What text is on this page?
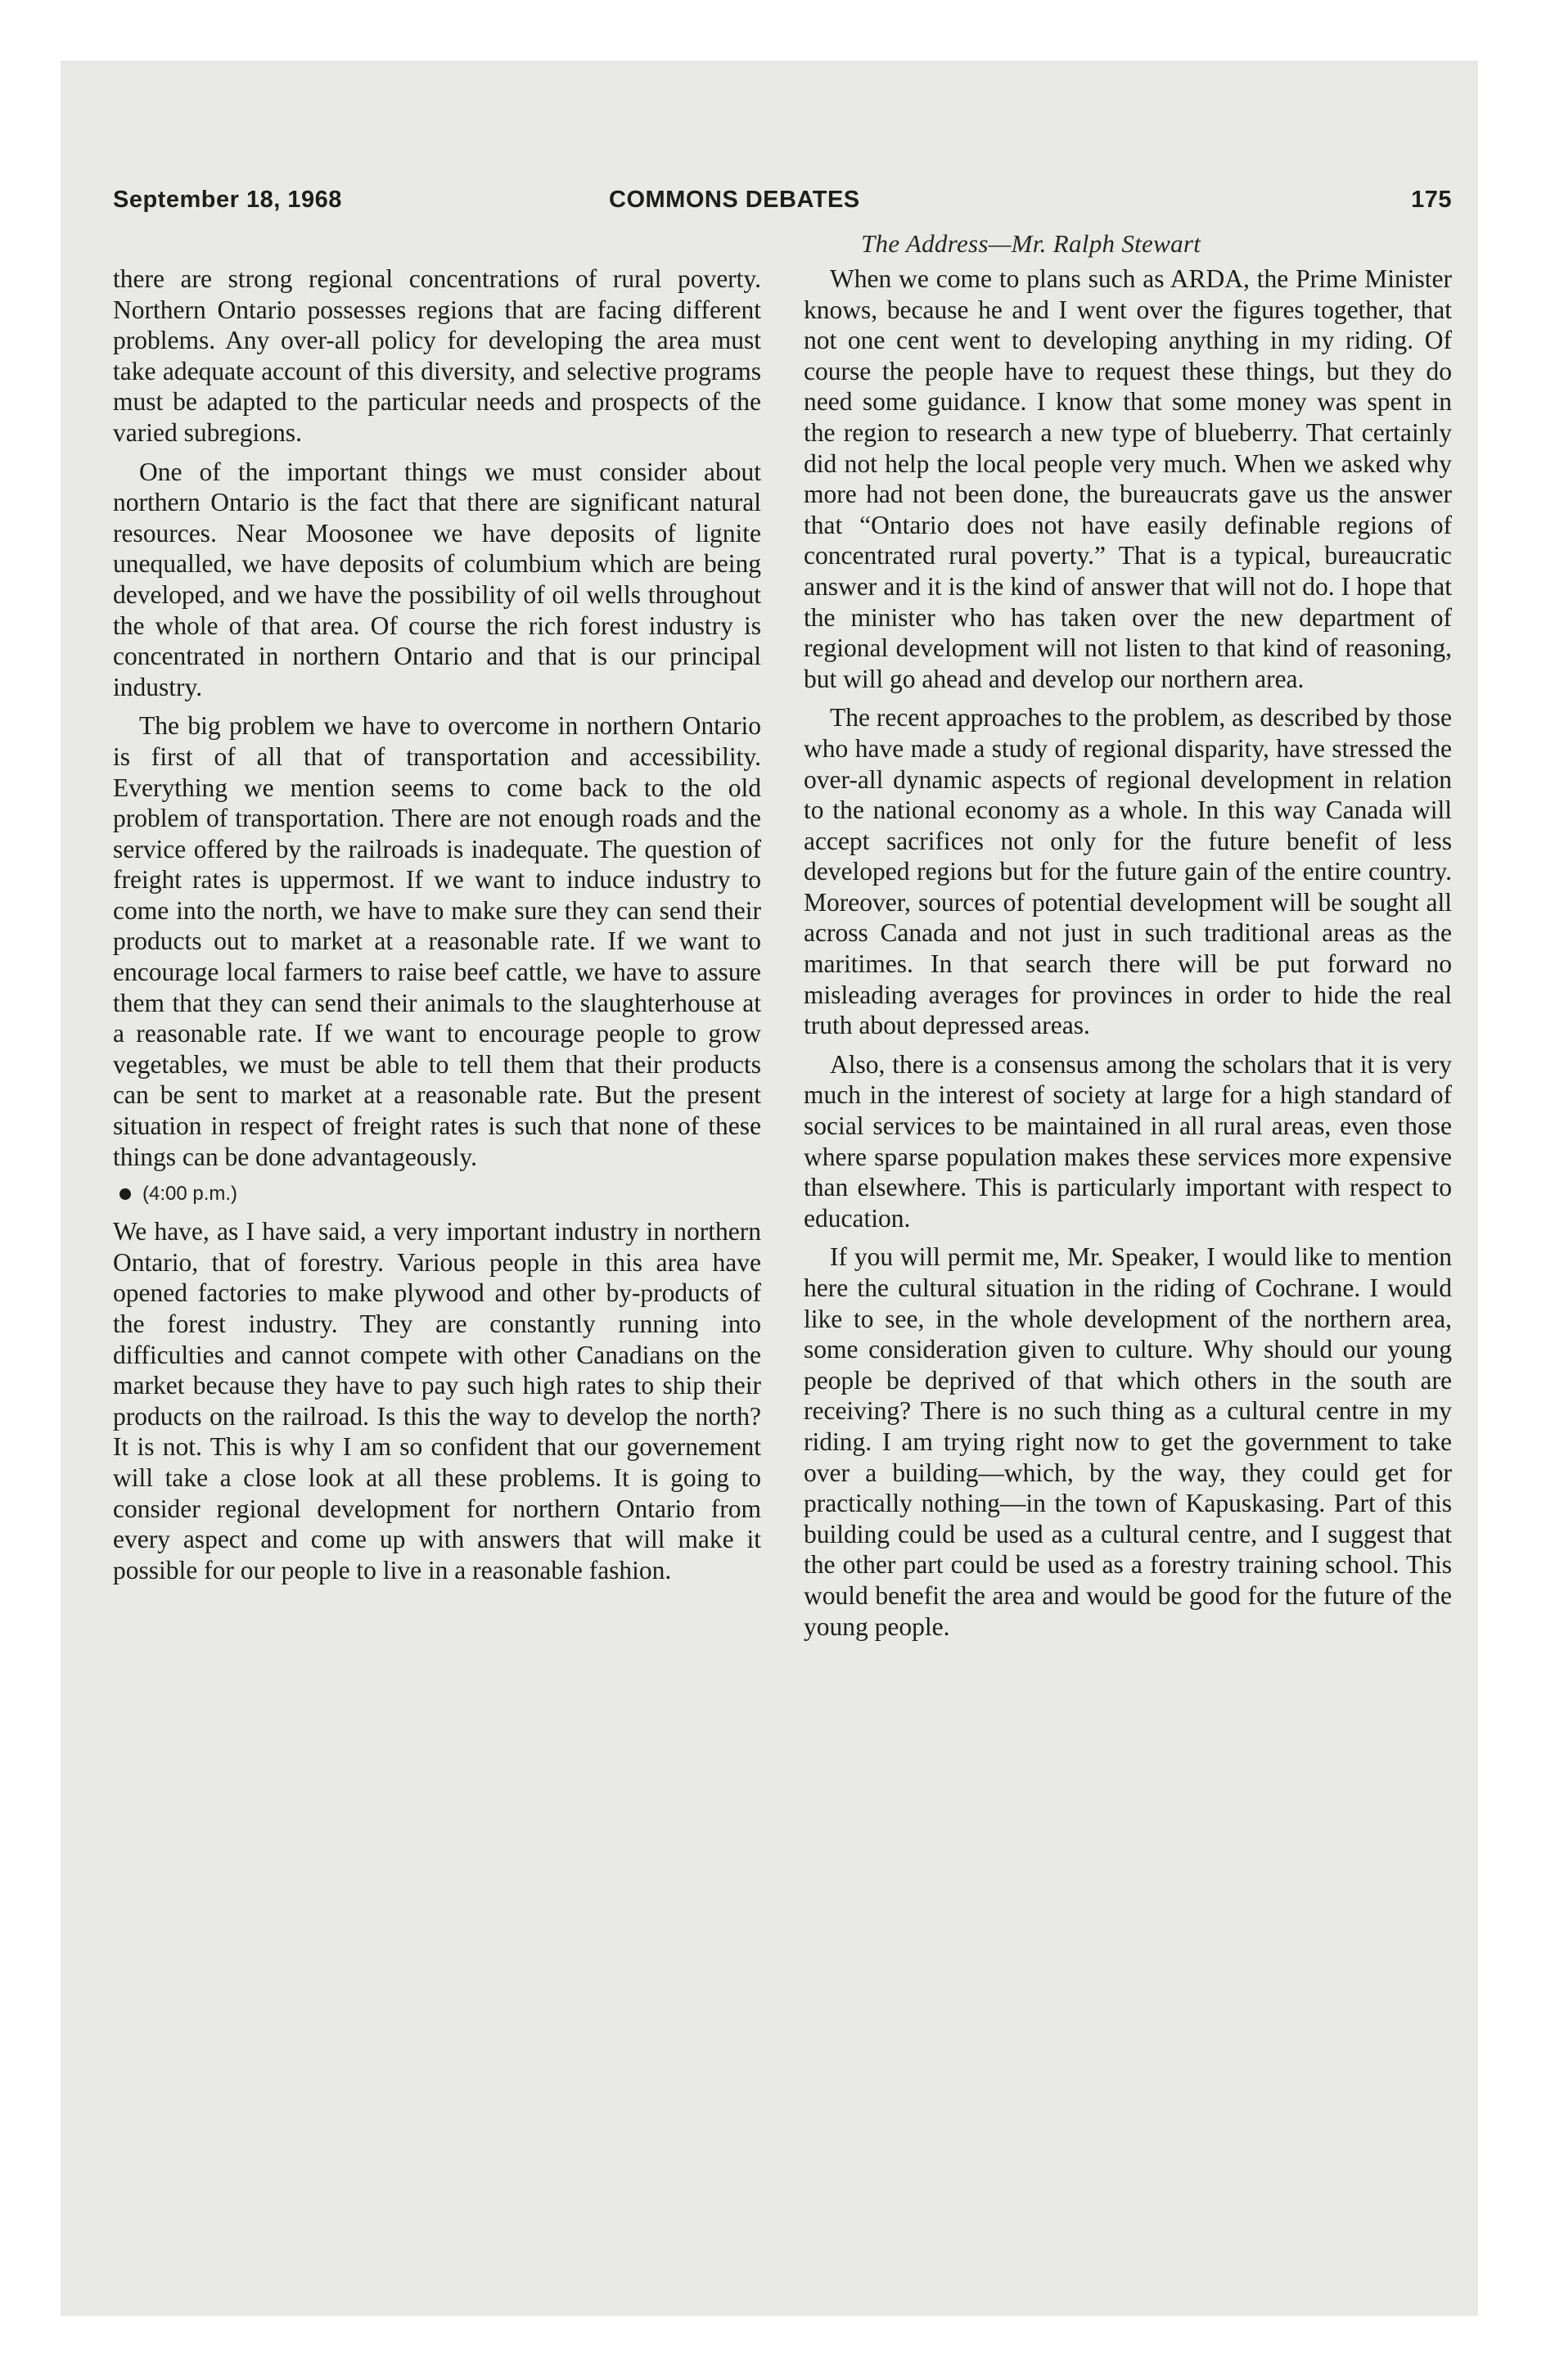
September 18, 1968	COMMONS DEBATES	175
The Address—Mr. Ralph Stewart

there are strong regional concentrations of rural poverty. Northern Ontario possesses regions that are facing different problems. Any over-all policy for developing the area must take adequate account of this diversity, and selective programs must be adapted to the particular needs and prospects of the varied subregions.

One of the important things we must consider about northern Ontario is the fact that there are significant natural resources. Near Moosonee we have deposits of lignite unequalled, we have deposits of columbium which are being developed, and we have the possibility of oil wells throughout the whole of that area. Of course the rich forest industry is concentrated in northern Ontario and that is our principal industry.

The big problem we have to overcome in northern Ontario is first of all that of transportation and accessibility. Everything we mention seems to come back to the old problem of transportation. There are not enough roads and the service offered by the railroads is inadequate. The question of freight rates is uppermost. If we want to induce industry to come into the north, we have to make sure they can send their products out to market at a reasonable rate. If we want to encourage local farmers to raise beef cattle, we have to assure them that they can send their animals to the slaughterhouse at a reasonable rate. If we want to encourage people to grow vegetables, we must be able to tell them that their products can be sent to market at a reasonable rate. But the present situation in respect of freight rates is such that none of these things can be done advantageously.

(4:00 p.m.)

We have, as I have said, a very important industry in northern Ontario, that of forestry. Various people in this area have opened factories to make plywood and other by-products of the forest industry. They are constantly running into difficulties and cannot compete with other Canadians on the market because they have to pay such high rates to ship their products on the railroad. Is this the way to develop the north? It is not. This is why I am so confident that our governement will take a close look at all these problems. It is going to consider regional development for northern Ontario from every aspect and come up with answers that will make it possible for our people to live in a reasonable fashion.

When we come to plans such as ARDA, the Prime Minister knows, because he and I went over the figures together, that not one cent went to developing anything in my riding. Of course the people have to request these things, but they do need some guidance. I know that some money was spent in the region to research a new type of blueberry. That certainly did not help the local people very much. When we asked why more had not been done, the bureaucrats gave us the answer that “Ontario does not have easily definable regions of concentrated rural poverty.” That is a typical, bureaucratic answer and it is the kind of answer that will not do. I hope that the minister who has taken over the new department of regional development will not listen to that kind of reasoning, but will go ahead and develop our northern area.

The recent approaches to the problem, as described by those who have made a study of regional disparity, have stressed the over-all dynamic aspects of regional development in relation to the national economy as a whole. In this way Canada will accept sacrifices not only for the future benefit of less developed regions but for the future gain of the entire country. Moreover, sources of potential development will be sought all across Canada and not just in such traditional areas as the maritimes. In that search there will be put forward no misleading averages for provinces in order to hide the real truth about depressed areas.

Also, there is a consensus among the scholars that it is very much in the interest of society at large for a high standard of social services to be maintained in all rural areas, even those where sparse population makes these services more expensive than elsewhere. This is particularly important with respect to education.

If you will permit me, Mr. Speaker, I would like to mention here the cultural situation in the riding of Cochrane. I would like to see, in the whole development of the northern area, some consideration given to culture. Why should our young people be deprived of that which others in the south are receiving? There is no such thing as a cultural centre in my riding. I am trying right now to get the government to take over a building—which, by the way, they could get for practically nothing—in the town of Kapuskasing. Part of this building could be used as a cultural centre, and I suggest that the other part could be used as a forestry training school. This would benefit the area and would be good for the future of the young people.
